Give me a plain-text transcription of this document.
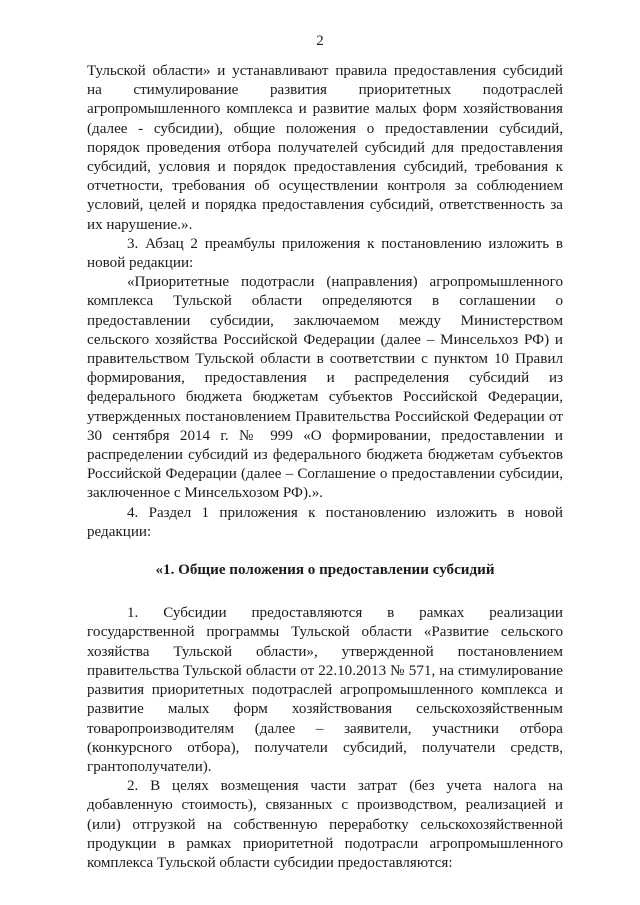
2

Тульской области» и устанавливают правила предоставления субсидий на стимулирование развития приоритетных подотраслей агропромышленного комплекса и развитие малых форм хозяйствования (далее - субсидии), общие положения о предоставлении субсидий, порядок проведения отбора получателей субсидий для предоставления субсидий, условия и порядок предоставления субсидий, требования к отчетности, требования об осуществлении контроля за соблюдением условий, целей и порядка предоставления субсидий, ответственность за их нарушение.».

3. Абзац 2 преамбулы приложения к постановлению изложить в новой редакции:

«Приоритетные подотрасли (направления) агропромышленного комплекса Тульской области определяются в соглашении о предоставлении субсидии, заключаемом между Министерством сельского хозяйства Российской Федерации (далее – Минсельхоз РФ) и правительством Тульской области в соответствии с пунктом 10 Правил формирования, предоставления и распределения субсидий из федерального бюджета бюджетам субъектов Российской Федерации, утвержденных постановлением Правительства Российской Федерации от 30 сентября 2014 г. № 999 «О формировании, предоставлении и распределении субсидий из федерального бюджета бюджетам субъектов Российской Федерации (далее – Соглашение о предоставлении субсидии, заключенное с Минсельхозом РФ).».

4. Раздел 1 приложения к постановлению изложить в новой редакции:

«1. Общие положения о предоставлении субсидий

1. Субсидии предоставляются в рамках реализации государственной программы Тульской области «Развитие сельского хозяйства Тульской области», утвержденной постановлением правительства Тульской области от 22.10.2013 № 571, на стимулирование развития приоритетных подотраслей агропромышленного комплекса и развитие малых форм хозяйствования сельскохозяйственным товаропроизводителям (далее – заявители, участники отбора (конкурсного отбора), получатели субсидий, получатели средств, грантополучатели).

2. В целях возмещения части затрат (без учета налога на добавленную стоимость), связанных с производством, реализацией и (или) отгрузкой на собственную переработку сельскохозяйственной продукции в рамках приоритетной подотрасли агропромышленного комплекса Тульской области субсидии предоставляются:
